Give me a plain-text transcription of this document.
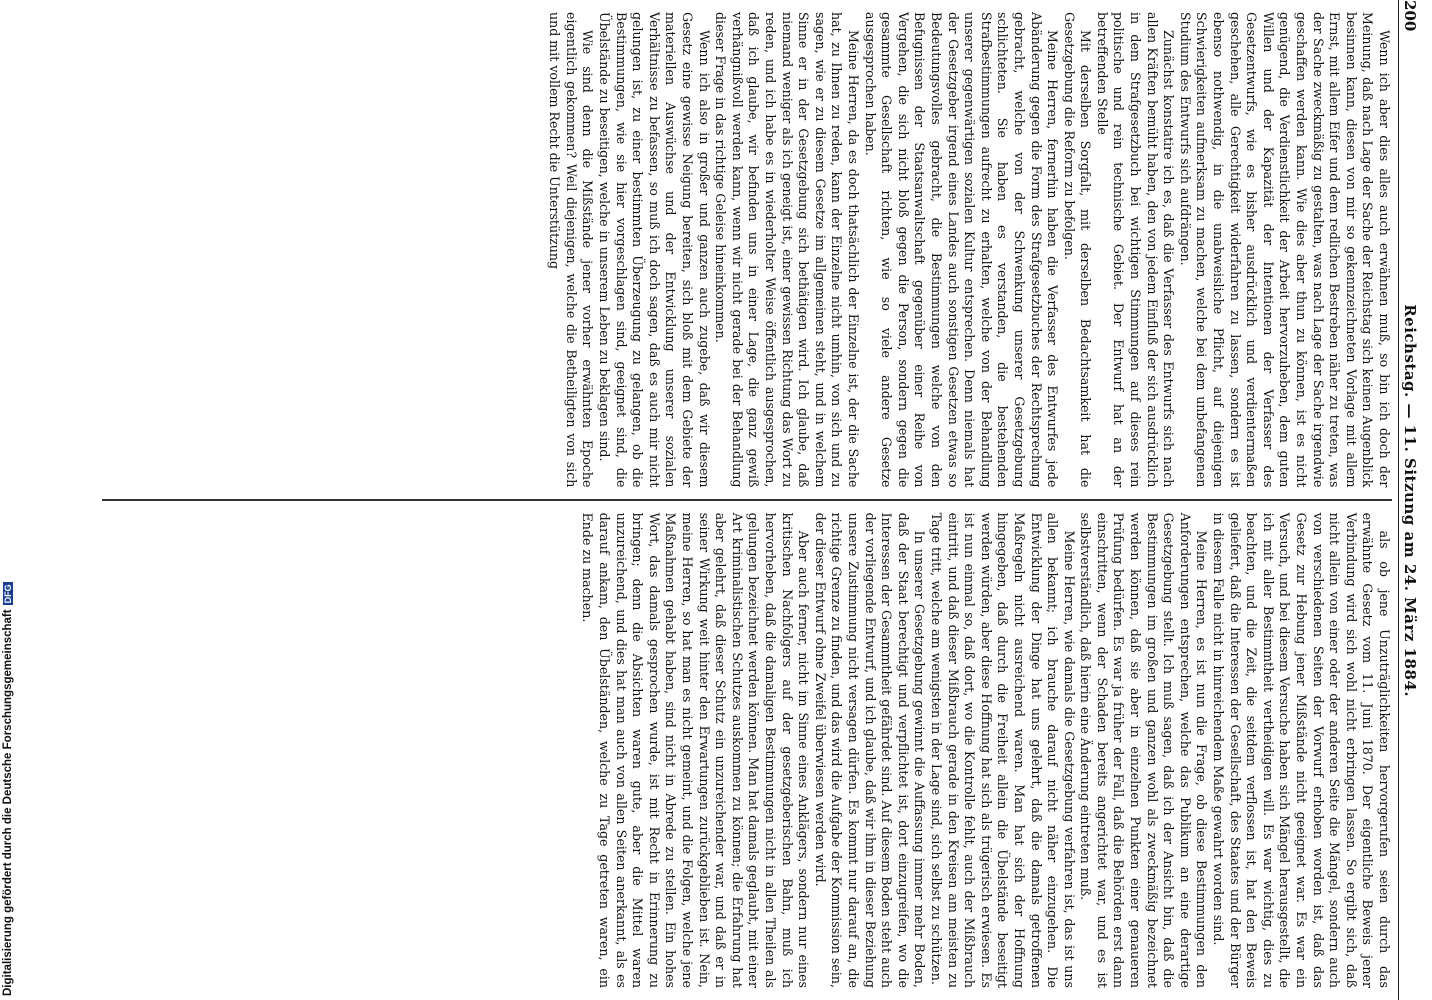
200
Reichstag. — 11. Sitzung am 24. März 1884.

Wenn ich aber dies alles auch erwähnen muß, so bin ich doch der Meinung, daß nach Lage der Sache der Reichstag sich keinen Augenblick besinnen kann, diesen von mir so gekennzeichneten Vorlage mit allem Ernst, mit allem Eifer und dem redlichen Bestreben näher zu treten, was der Sache zweckmäßig zu gestalten, was nach Lage der Sache irgendwie geschaffen werden kann. Wie dies aber thun zu können, ist es nicht genügend, die Verdienstlichkeit der Arbeit hervorzuheben, dem guten Willen und der Kapazität der Intentionen der Verfasser des Gesetzentwurfs, wie es bisher ausdrücklich und verdientermaßen geschehen, alle Gerechtigkeit widerfahren zu lassen, sondern es ist ebenso nothwendig, in die unabweisliche Pflicht, auf diejenigen Schwierigkeiten aufmerksam zu machen, welche bei dem unbefangenen Studium des Entwurfs sich aufdrängen.

Zunächst konstatire ich es, daß die Verfasser des Entwurfs sich nach allen Kräften bemüht haben, den von jedem Einfluß der sich ausdrücklich in dem Strafgesetzbuch bei wichtigen Stimmungen auf dieses rein politische und rein technische Gebiet. Der Entwurf hat an der betreffenden Stelle

Mit derselben Sorgfalt, mit derselben Bedachtsamkeit hat die Gesetzgebung die Reform zu befolgen.

Meine Herren, fernerhin haben die Verfasser des Entwurfes jede Abänderung gegen die Form des Strafgesetzbuches der Rechtsprechung gebracht, welche von der Schwenkung unserer Gesetzgebung schlichteten. Sie haben es verstanden, die bestehenden Strafbestimmungen aufrecht zu erhalten, welche von der Behandlung unserer gegenwärtigen sozialen Kultur entsprechen. Denn niemals hat der Gesetzgeber irgend eines Landes auch sonstigen Gesetzen etwas so Bedeutungsvolles gebracht, die Bestimmungen welche von den Befugnissen der Staatsanwaltschaft gegenüber einer Reihe von Vergehen, die sich nicht bloß gegen die Person, sondern gegen die gesammte Gesellschaft richten, wie so viele andere Gesetze ausgesprochen haben.

Meine Herren, da es doch thatsächlich der Einzelne ist, der die Sache hat, zu Ihnen zu reden, kann der Einzelne nicht umhin, von sich und zu sagen, wie er zu diesem Gesetze im allgemeinen steht, und in welchem Sinne er in der Gesetzgebung sich bethätigen wird. Ich glaube, daß niemand weniger als ich geneigt ist, einer gewissen Richtung das Wort zu reden, und ich habe es in wiederholter Weise öffentlich ausgesprochen, daß ich glaube, wir befinden uns in einer Lage, die ganz gewiß verhängnißvoll werden kann, wenn wir nicht gerade bei der Behandlung dieser Frage in das richtige Geleise hineinkommen.

Wenn ich also in großer und ganzen auch zugebe, daß wir diesem Gesetz eine gewisse Neigung bereiten, sich bloß mit dem Gebiete der materiellen Auswüchse und der Entwicklung unserer sozialen Verhältnisse zu befassen, so muß ich doch sagen, daß es auch mir nicht gelungen ist, zu einer bestimmten Überzeugung zu gelangen, ob die Bestimmungen, wie sie hier vorgeschlagen sind, geeignet sind, die Übelstände zu beseitigen, welche in unserem Leben zu beklagen sind.

Wie sind denn die Mißstände jener vorher erwähnten Epoche eigentlich gekommen? Weil diejenigen, welche die Betheiligten von sich und mit vollem Recht die Unterstützung

als ob jene Unzuträglichkeiten hervorgerufen seien durch das erwähnte Gesetz vom 11. Juni 1870. Der eigentliche Beweis jener Verbindung wird sich wohl nicht erbringen lassen. So ergibt sich, daß nicht allein von einer oder der anderen Seite die Mängel, sondern auch von verschiedenen Seiten der Vorwurf erhoben worden ist, daß das Gesetz zur Hebung jener Mißstände nicht geeignet war. Es war ein Versuch, und bei diesem Versuche haben sich Mängel herausgestellt, die ich mit aller Bestimmtheit vertheidigen will. Es war wichtig, dies zu beachten, und die Zeit, die seitdem verflossen ist, hat den Beweis geliefert, daß die Interessen der Gesellschaft, des Staates und der Bürger in diesem Falle nicht in hinreichendem Maße gewahrt worden sind.

Meine Herren, es ist nun die Frage, ob diese Bestimmungen den Anforderungen entsprechen, welche das Publikum an eine derartige Gesetzgebung stellt. Ich muß sagen, daß ich der Ansicht bin, daß die Bestimmungen im großen und ganzen wohl als zweckmäßig bezeichnet werden können, daß sie aber in einzelnen Punkten einer genaueren Prüfung bedürfen. Es war ja früher der Fall, daß die Behörden erst dann einschritten, wenn der Schaden bereits angerichtet war, und es ist selbstverständlich, daß hierin eine Änderung eintreten muß.

Meine Herren, wie damals die Gesetzgebung verfahren ist, das ist uns allen bekannt; ich brauche darauf nicht näher einzugehen. Die Entwicklung der Dinge hat uns gelehrt, daß die damals getroffenen Maßregeln nicht ausreichend waren. Man hat sich der Hoffnung hingegeben, daß durch die Freiheit allein die Übelstände beseitigt werden würden, aber diese Hoffnung hat sich als trügerisch erwiesen. Es ist nun einmal so, daß dort, wo die Kontrolle fehlt, auch der Mißbrauch eintritt, und daß dieser Mißbrauch gerade in den Kreisen am meisten zu Tage tritt, welche am wenigsten in der Lage sind, sich selbst zu schützen.

In unserer Gesetzgebung gewinnt die Auffassung immer mehr Boden, daß der Staat berechtigt und verpflichtet ist, dort einzugreifen, wo die Interessen der Gesammtheit gefährdet sind. Auf diesem Boden steht auch der vorliegende Entwurf, und ich glaube, daß wir ihm in dieser Beziehung unsere Zustimmung nicht versagen dürfen. Es kommt nur darauf an, die richtige Grenze zu finden, und das wird die Aufgabe der Kommission sein, der dieser Entwurf ohne Zweifel überwiesen werden wird.

Aber auch ferner, nicht im Sinne eines Anklägers, sondern nur eines kritischen Nachfolgers auf der gesetzgeberischen Bahn, muß ich hervorheben, daß die damaligen Bestimmungen nicht in allen Theilen als gelungen bezeichnet werden können. Man hat damals geglaubt, mit einer Art kriminalistischen Schutzes auskommen zu können; die Erfahrung hat aber gelehrt, daß dieser Schutz ein unzureichender war, und daß er in seiner Wirkung weit hinter den Erwartungen zurückgeblieben ist. Nein, meine Herren, so hat man es nicht gemeint, und die Folgen, welche jene Maßnahmen gehabt haben, sind nicht in Abrede zu stellen. Ein hohes Wort, das damals gesprochen wurde, ist mit Recht in Erinnerung zu bringen; denn die Absichten waren gute, aber die Mittel waren unzureichend, und dies hat man auch von allen Seiten anerkannt, als es darauf ankam, den Übelständen, welche zu Tage getreten waren, ein Ende zu machen.

Digitalisierung gefördert durch die Deutsche ForschungsgemeinschaftDFG
